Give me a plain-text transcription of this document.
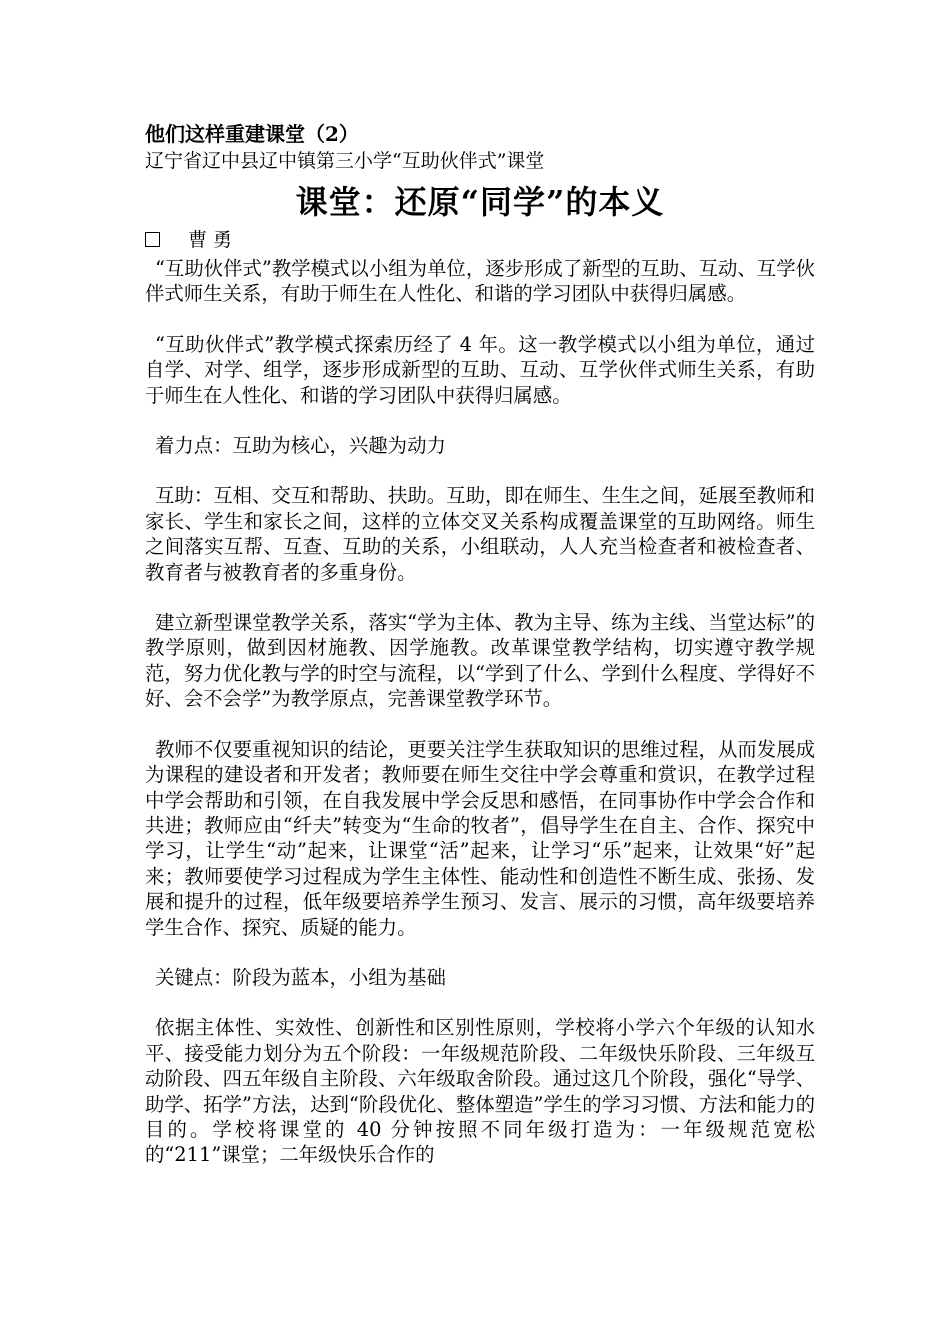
他们这样重建课堂（2）

辽宁省辽中县辽中镇第三小学“互助伙伴式”课堂

课堂：还原“同学”的本义

曹 勇

“互助伙伴式”教学模式以小组为单位，逐步形成了新型的互助、互动、互学伙伴式师生关系，有助于师生在人性化、和谐的学习团队中获得归属感。

“互助伙伴式”教学模式探索历经了 4 年。这一教学模式以小组为单位，通过自学、对学、组学，逐步形成新型的互助、互动、互学伙伴式师生关系，有助于师生在人性化、和谐的学习团队中获得归属感。

着力点：互助为核心，兴趣为动力

互助：互相、交互和帮助、扶助。互助，即在师生、生生之间，延展至教师和家长、学生和家长之间，这样的立体交叉关系构成覆盖课堂的互助网络。师生之间落实互帮、互查、互助的关系，小组联动，人人充当检查者和被检查者、教育者与被教育者的多重身份。

建立新型课堂教学关系，落实“学为主体、教为主导、练为主线、当堂达标”的教学原则，做到因材施教、因学施教。改革课堂教学结构，切实遵守教学规范，努力优化教与学的时空与流程，以“学到了什么、学到什么程度、学得好不好、会不会学”为教学原点，完善课堂教学环节。

教师不仅要重视知识的结论，更要关注学生获取知识的思维过程，从而发展成为课程的建设者和开发者；教师要在师生交往中学会尊重和赏识，在教学过程中学会帮助和引领，在自我发展中学会反思和感悟，在同事协作中学会合作和共进；教师应由“纤夫”转变为“生命的牧者”，倡导学生在自主、合作、探究中学习，让学生“动”起来，让课堂“活”起来，让学习“乐”起来，让效果“好”起来；教师要使学习过程成为学生主体性、能动性和创造性不断生成、张扬、发展和提升的过程，低年级要培养学生预习、发言、展示的习惯，高年级要培养学生合作、探究、质疑的能力。

关键点：阶段为蓝本，小组为基础

依据主体性、实效性、创新性和区别性原则，学校将小学六个年级的认知水平、接受能力划分为五个阶段：一年级规范阶段、二年级快乐阶段、三年级互动阶段、四五年级自主阶段、六年级取舍阶段。通过这几个阶段，强化“导学、助学、拓学”方法，达到“阶段优化、整体塑造”学生的学习习惯、方法和能力的目的。学校将课堂的 40 分钟按照不同年级打造为：一年级规范宽松的“211”课堂；二年级快乐合作的
